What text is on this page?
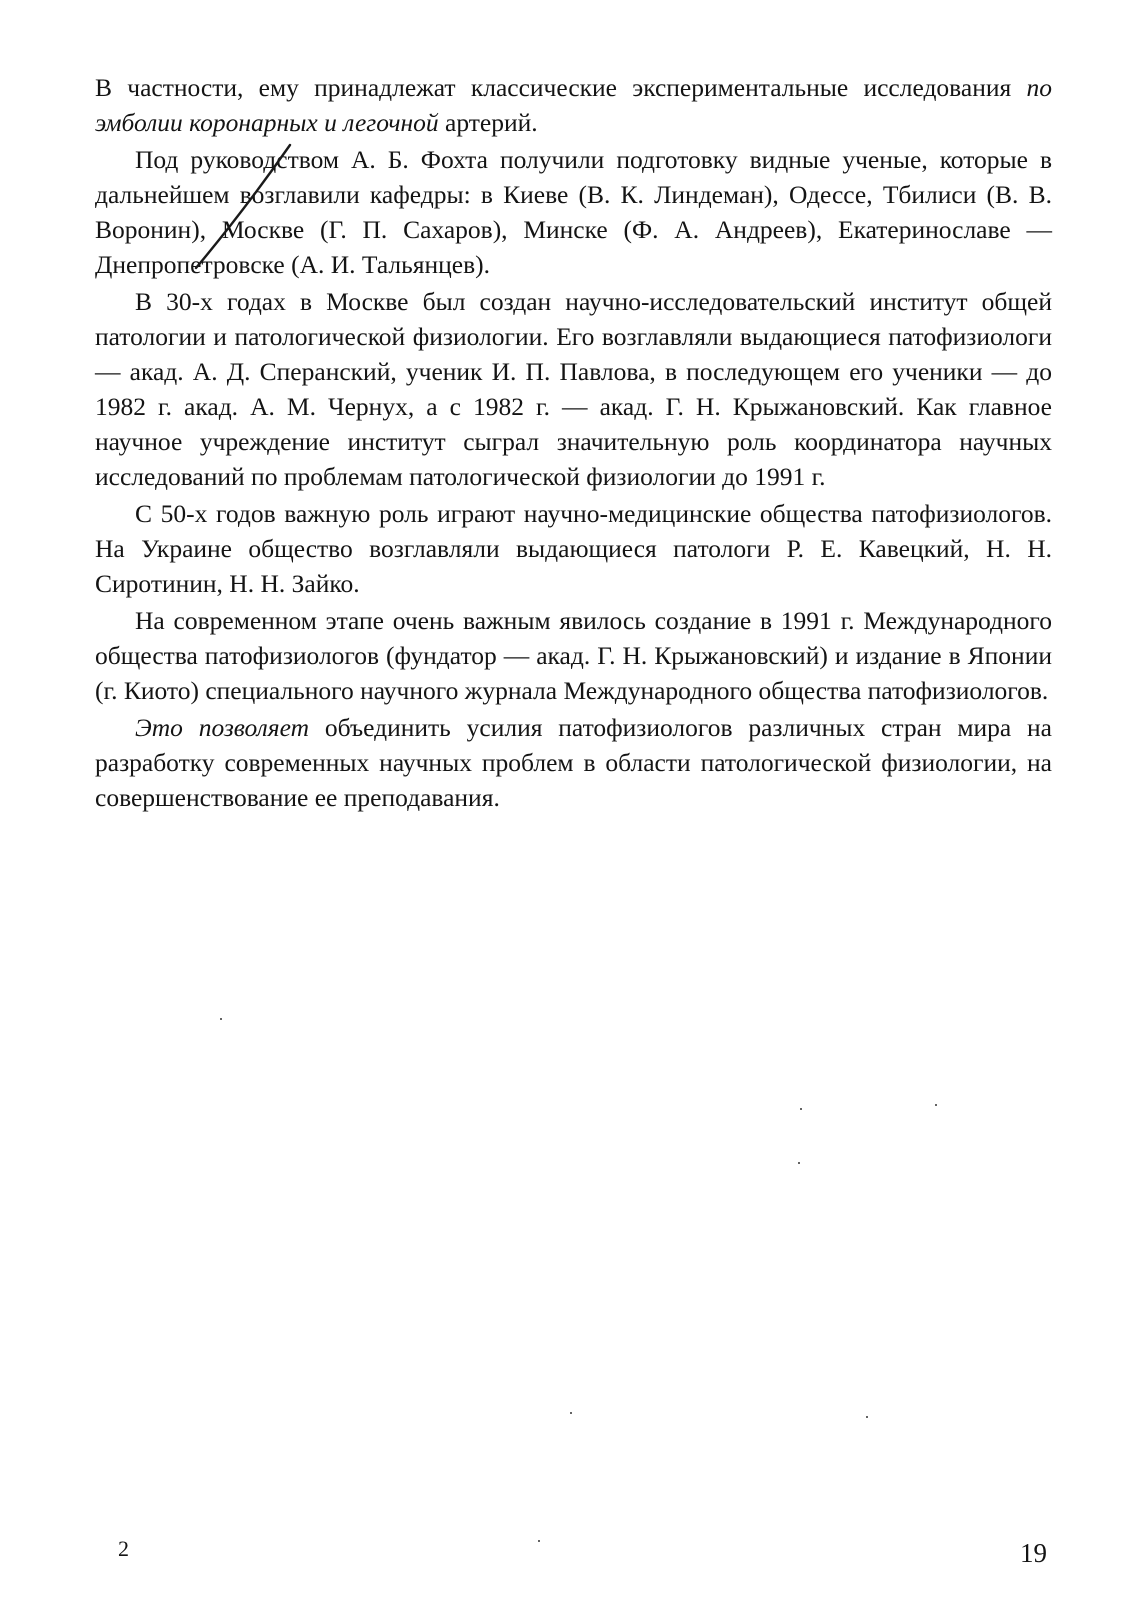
В частности, ему принадлежат классические экспериментальные исследования по эмболии коронарных и легочной артерий.

Под руководством А. Б. Фохта получили подготовку видные ученые, которые в дальнейшем возглавили кафедры: в Киеве (В. К. Линдеман), Одессе, Тбилиси (В. В. Воронин), Москве (Г. П. Сахаров), Минске (Ф. А. Андреев), Екатеринославе — Днепропетровске (А. И. Тальянцев).

В 30-х годах в Москве был создан научно-исследовательский институт общей патологии и патологической физиологии. Его возглавляли выдающиеся патофизиологи — акад. А. Д. Сперанский, ученик И. П. Павлова, в последующем его ученики — до 1982 г. акад. А. М. Чернух, а с 1982 г. — акад. Г. Н. Крыжановский. Как главное научное учреждение институт сыграл значительную роль координатора научных исследований по проблемам патологической физиологии до 1991 г.

С 50-х годов важную роль играют научно-медицинские общества патофизиологов. На Украине общество возглавляли выдающиеся патологи Р. Е. Кавецкий, Н. Н. Сиротинин, Н. Н. Зайко.

На современном этапе очень важным явилось создание в 1991 г. Международного общества патофизиологов (фундатор — акад. Г. Н. Крыжановский) и издание в Японии (г. Киото) специального научного журнала Международного общества патофизиологов.

Это позволяет объединить усилия патофизиологов различных стран мира на разработку современных научных проблем в области патологической физиологии, на совершенствование ее преподавания.

2	19
